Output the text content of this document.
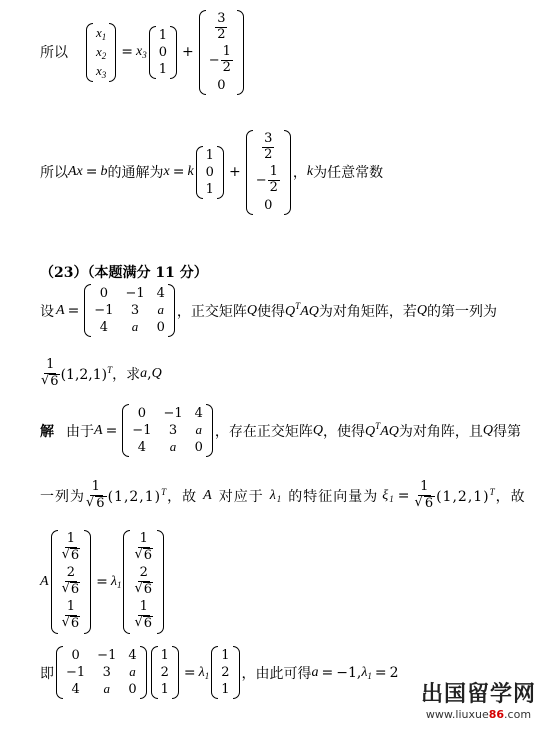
所以
$x_1$
$x_2$
$x_3$
= $x_3$
1
0
1
+
$\frac{3}{2}$
− $\frac{1}{2}$
0
所以 Ax = b 的通解为 x = k
1
0
1
+
$\frac{3}{2}$
− $\frac{1}{2}$
0
， k 为任意常数
（23）（本题满分 11 分）
设 A =
0 −1 4
−1 3 a
4 a 0
，正交矩阵 Q 使得 $Q^TAQ$ 为对角矩阵，若 Q 的第一列为
$\frac{1}{√ 6} (1,2,1)^T$ ，求 a , Q
解 由于 A =
0 −1 4
−1 3 a
4 a 0
，存在正交矩阵 Q ，使得 $Q^TAQ$ 为对角阵，且 Q 得第
一列为 $\frac{1}{√ 6} (1,2,1)^T$ ，故 A 对应于 $\lambda_1$ 的特征向量为 $\xi_1 = \frac{1}{√ 6} (1,2,1)^T$ ，故
A
$\frac{1}{√ 6}$
$\frac{2}{√ 6}$
$\frac{1}{√ 6}$
= $\lambda_1$
$\frac{1}{√ 6}$
$\frac{2}{√ 6}$
$\frac{1}{√ 6}$
即
0 −1 4
−1 3 a
4 a 0
1
2
1
= $\lambda_1$
1
2
1
，由此可得 a = −1, $\lambda_1 = 2$
出国留学网
www.liuxue86.com
